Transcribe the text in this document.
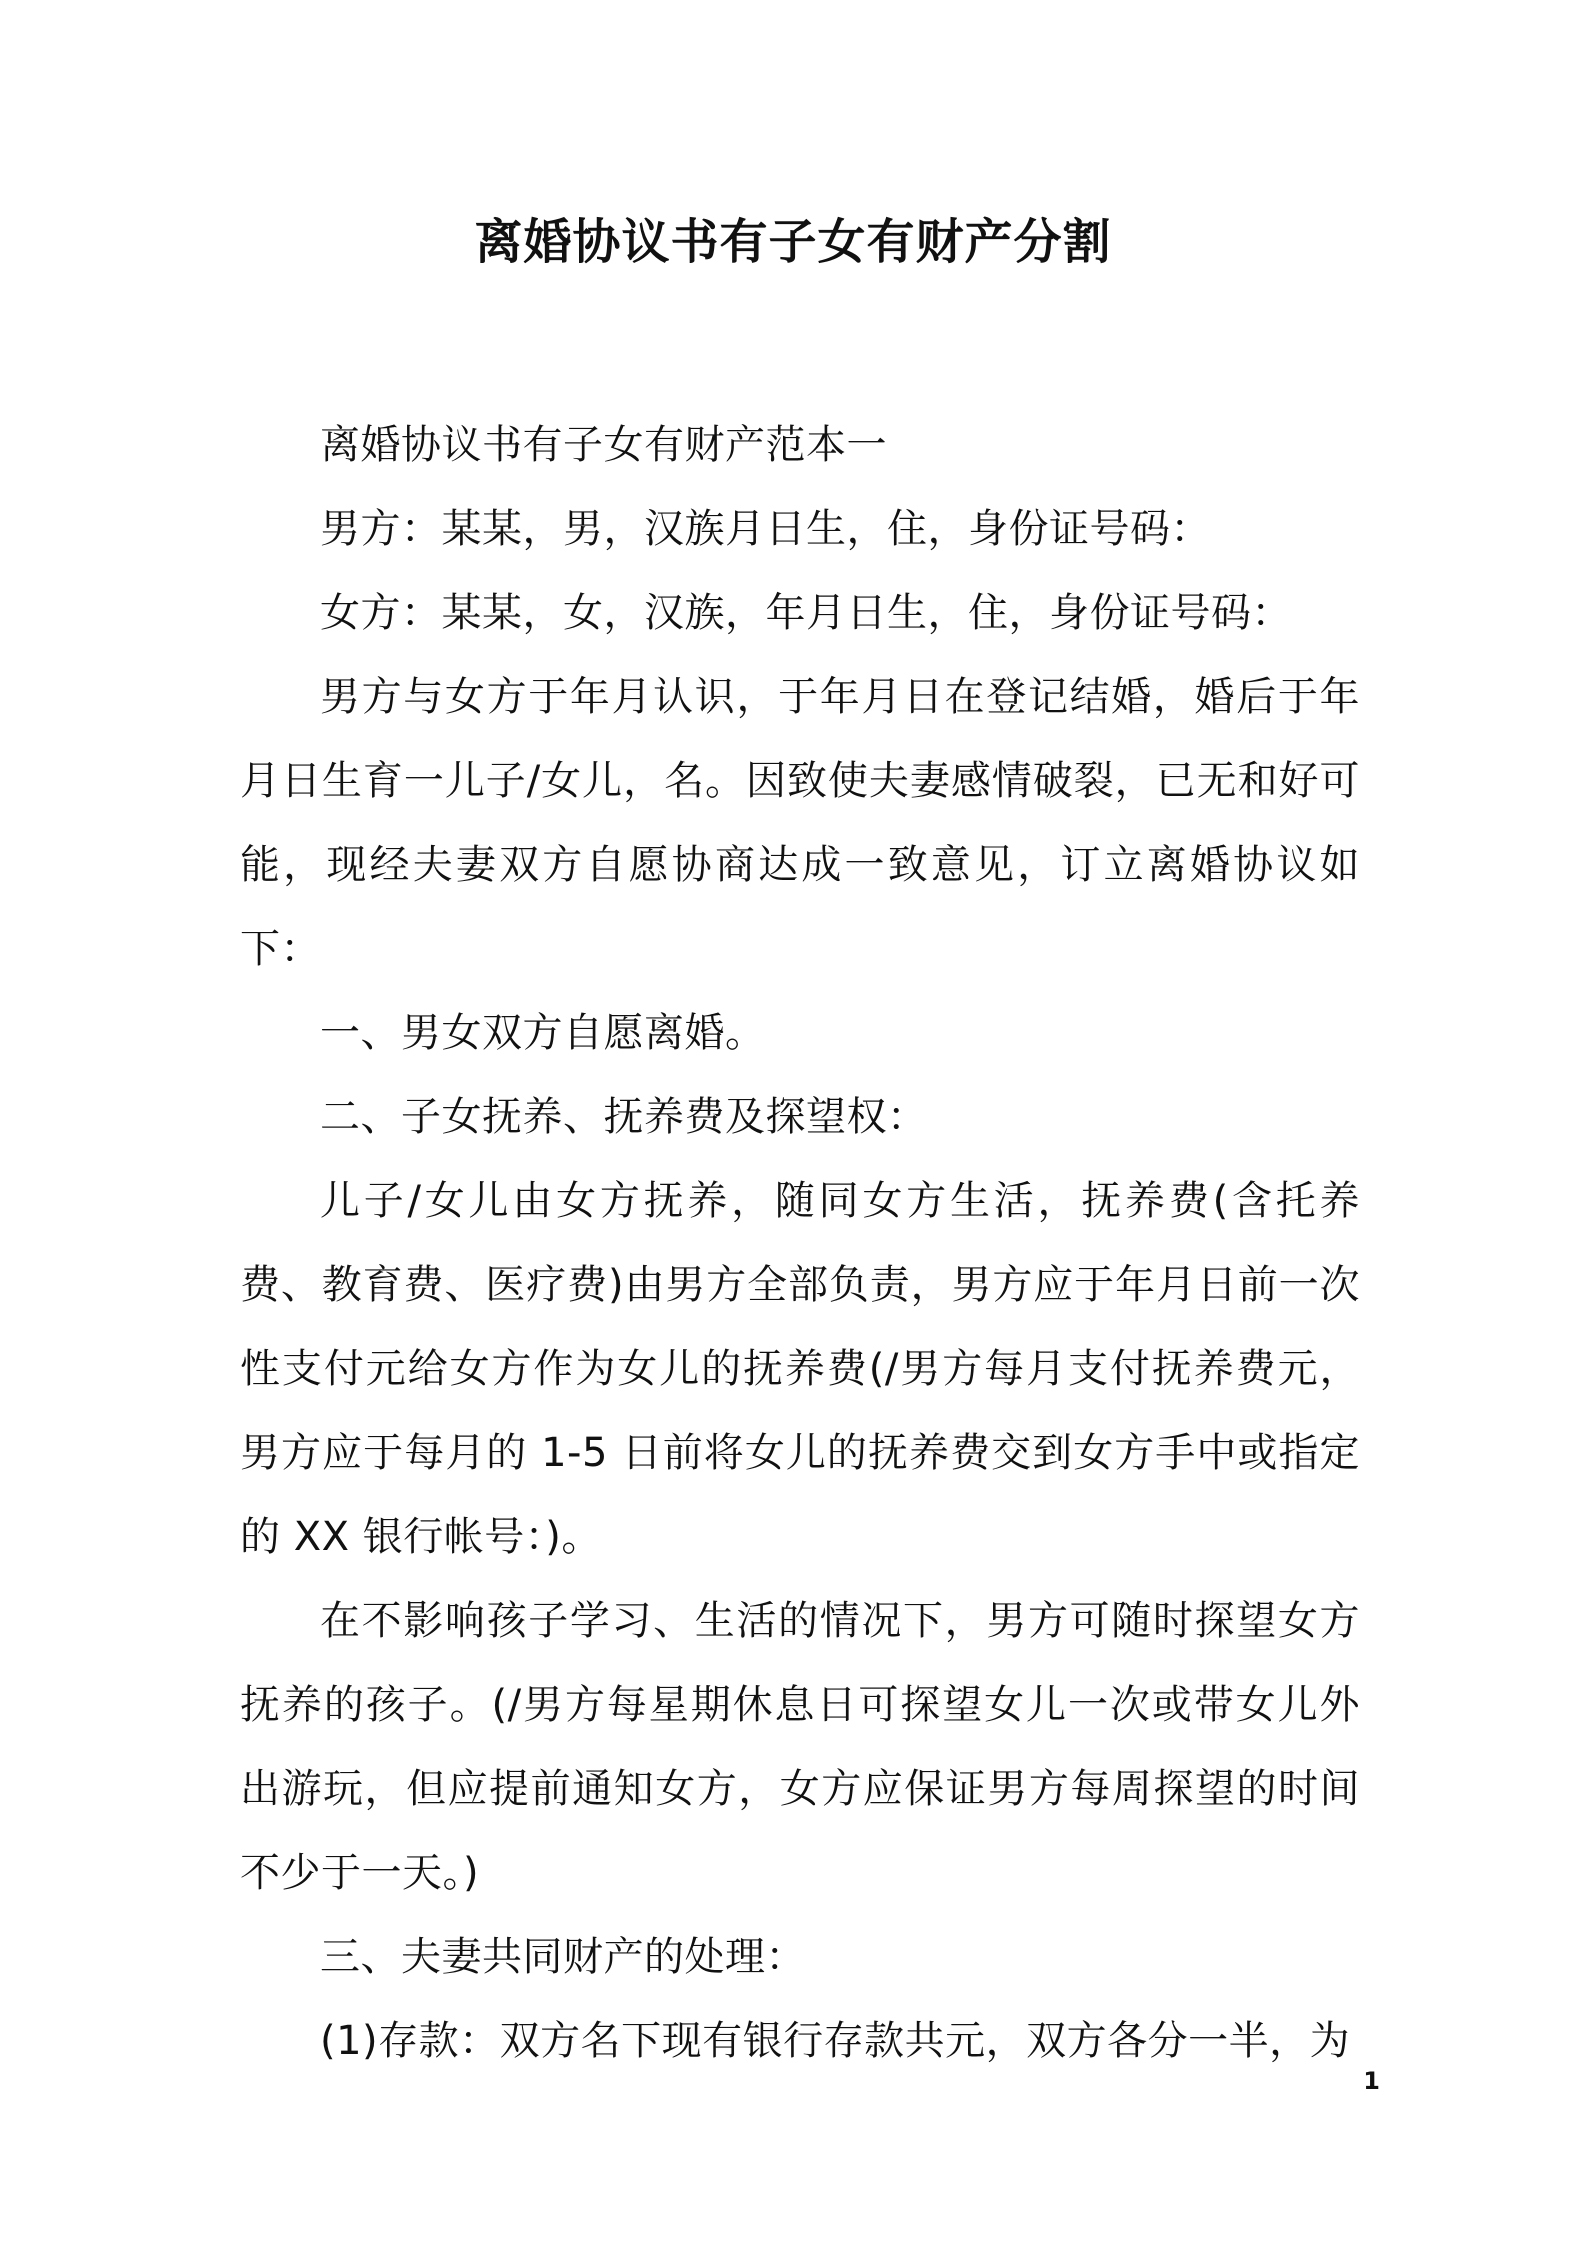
离婚协议书有子女有财产分割

离婚协议书有子女有财产范本一

男方：某某，男，汉族月日生，住，身份证号码：

女方：某某，女，汉族，年月日生，住，身份证号码：

男方与女方于年月认识，于年月日在登记结婚，婚后于年月日生育一儿子/女儿，名。因致使夫妻感情破裂，已无和好可能，现经夫妻双方自愿协商达成一致意见，订立离婚协议如下：

一、男女双方自愿离婚。

二、子女抚养、抚养费及探望权：

儿子/女儿由女方抚养，随同女方生活，抚养费(含托养费、教育费、医疗费)由男方全部负责，男方应于年月日前一次性支付元给女方作为女儿的抚养费(/男方每月支付抚养费元，男方应于每月的 1-5 日前将女儿的抚养费交到女方手中或指定的 XX 银行帐号：)。

在不影响孩子学习、生活的情况下，男方可随时探望女方抚养的孩子。(/男方每星期休息日可探望女儿一次或带女儿外出游玩，但应提前通知女方，女方应保证男方每周探望的时间不少于一天。)

三、夫妻共同财产的处理：

(1)存款：双方名下现有银行存款共元，双方各分一半，为

1
